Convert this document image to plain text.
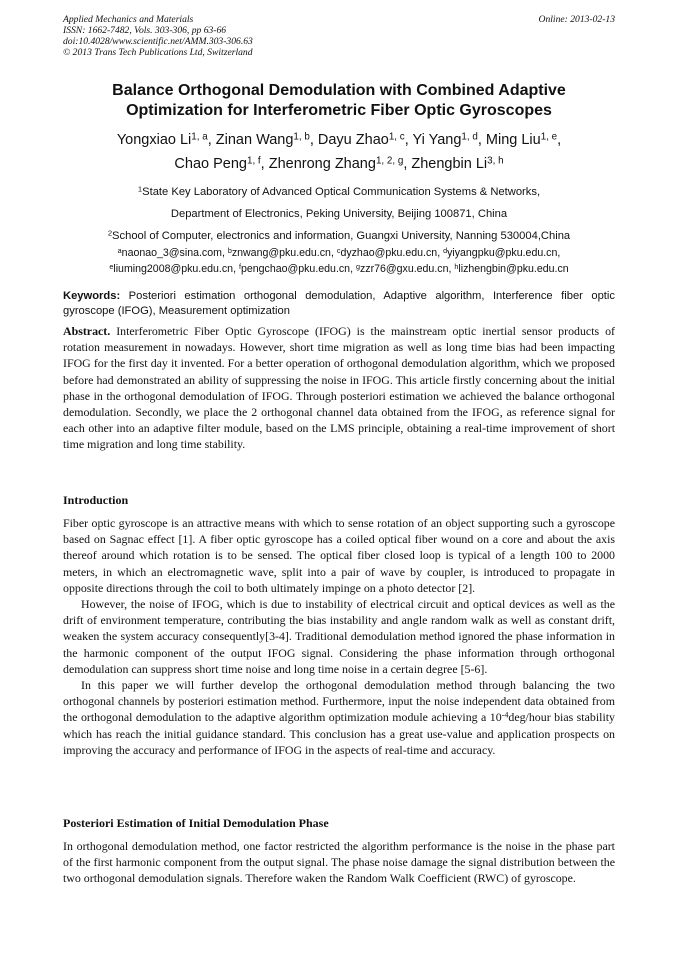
Applied Mechanics and Materials
ISSN: 1662-7482, Vols. 303-306, pp 63-66
doi:10.4028/www.scientific.net/AMM.303-306.63
© 2013 Trans Tech Publications Ltd, Switzerland
Online: 2013-02-13
Balance Orthogonal Demodulation with Combined Adaptive
Optimization for Interferometric Fiber Optic Gyroscopes
Yongxiao Li$^{1, a}$, Zinan Wang$^{1, b}$, Dayu Zhao$^{1, c}$, Yi Yang$^{1, d}$, Ming Liu$^{1, e}$,
Chao Peng$^{1, f}$, Zhenrong Zhang$^{1, 2, g}$, Zhengbin Li$^{3, h}$
$^1$State Key Laboratory of Advanced Optical Communication Systems & Networks,
Department of Electronics, Peking University, Beijing 100871, China
$^2$School of Computer, electronics and information, Guangxi University, Nanning 530004,China
$^a$naonao_3@sina.com, $^b$znwang@pku.edu.cn, $^c$dyzhao@pku.edu.cn, $^d$yiyangpku@pku.edu.cn,
$^e$liuming2008@pku.edu.cn, $^f$pengchao@pku.edu.cn, $^g$zzr76@gxu.edu.cn, $^h$lizhengbin@pku.edu.cn
Keywords: Posteriori estimation orthogonal demodulation, Adaptive algorithm, Interference fiber optic gyroscope (IFOG), Measurement optimization

Abstract. Interferometric Fiber Optic Gyroscope (IFOG) is the mainstream optic inertial sensor products of rotation measurement in nowadays. However, short time migration as well as long time bias had been impacting IFOG for the first day it invented. For a better operation of orthogonal demodulation algorithm, which we proposed before had demonstrated an ability of suppressing the noise in IFOG. This article firstly concerning about the initial phase in the orthogonal demodulation of IFOG. Through posteriori estimation we achieved the balance orthogonal demodulation. Secondly, we place the 2 orthogonal channel data obtained from the IFOG, as reference signal for each other into an adaptive filter module, based on the LMS principle, obtaining a real-time improvement of short time migration and long time stability.

Introduction

Fiber optic gyroscope is an attractive means with which to sense rotation of an object supporting such a gyroscope based on Sagnac effect [1]. A fiber optic gyroscope has a coiled optical fiber wound on a core and about the axis thereof around which rotation is to be sensed. The optical fiber closed loop is typical of a length 100 to 2000 meters, in which an electromagnetic wave, split into a pair of wave by coupler, is introduced to propagate in opposite directions through the coil to both ultimately impinge on a photo detector [2].

However, the noise of IFOG, which is due to instability of electrical circuit and optical devices as well as the drift of environment temperature, contributing the bias instability and angle random walk as well as constant drift, weaken the system accuracy consequently[3-4]. Traditional demodulation method ignored the phase information in the harmonic component of the output IFOG signal. Considering the phase information through orthogonal demodulation can suppress short time noise and long time noise in a certain degree [5-6].

In this paper we will further develop the orthogonal demodulation method through balancing the two orthogonal channels by posteriori estimation method. Furthermore, input the noise independent data obtained from the orthogonal demodulation to the adaptive algorithm optimization module achieving a $10^{-4}deg$/hour bias stability which has reach the initial guidance standard. This conclusion has a great use-value and application prospects on improving the accuracy and performance of IFOG in the aspects of real-time and accuracy.

Posteriori Estimation of Initial Demodulation Phase

In orthogonal demodulation method, one factor restricted the algorithm performance is the noise in the phase part of the first harmonic component from the output signal. The phase noise damage the signal distribution between the two orthogonal demodulation signals. Therefore waken the Random Walk Coefficient (RWC) of gyroscope.
